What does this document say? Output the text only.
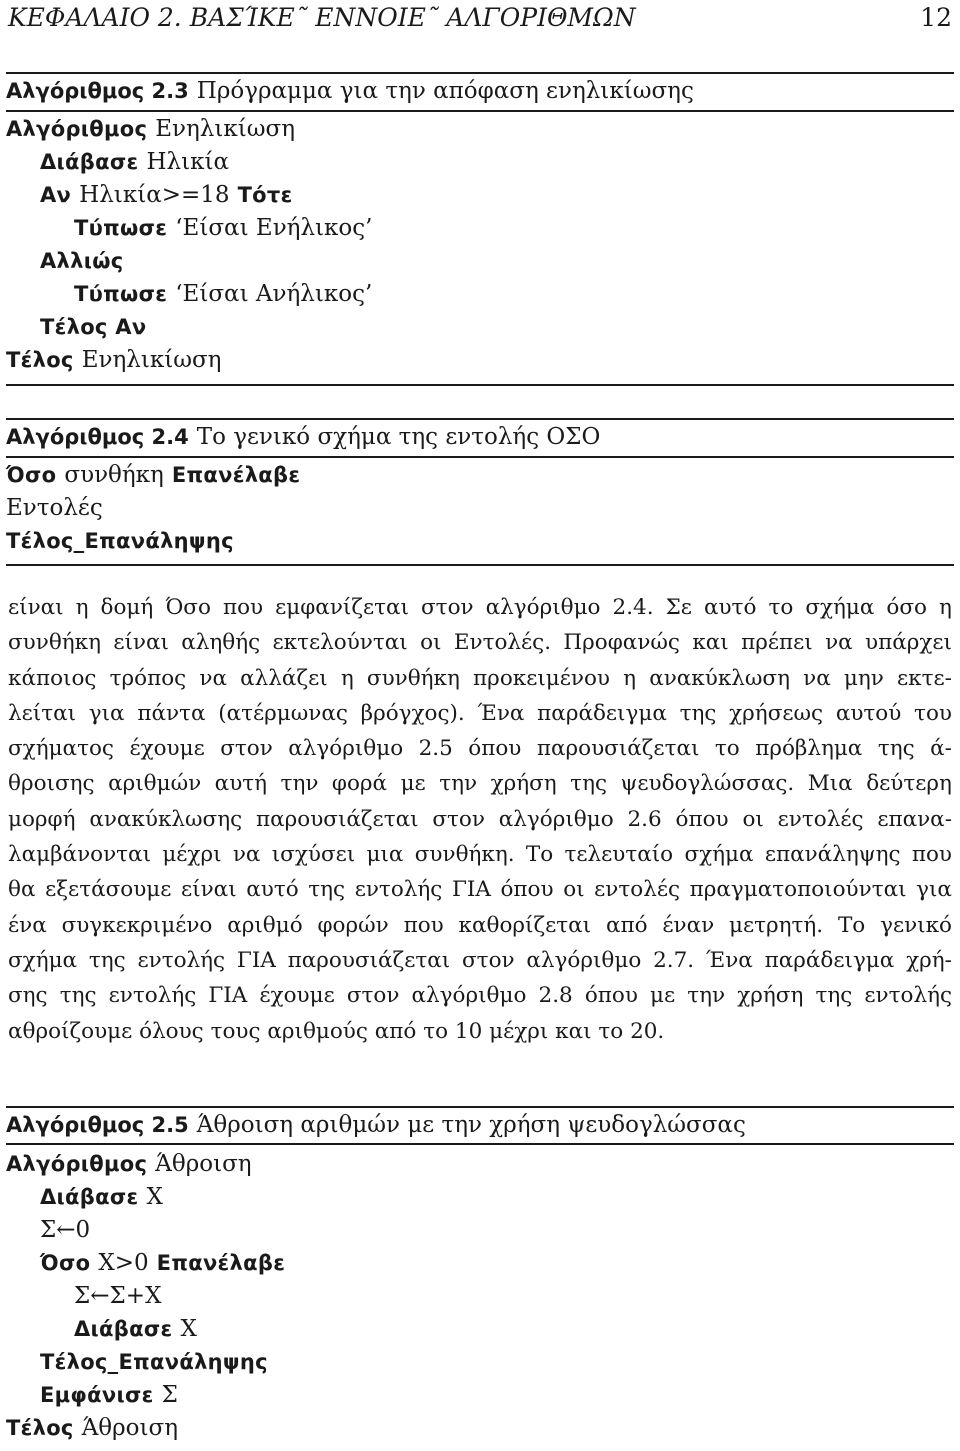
ΚΕΦΑΛΑΙΟ 2. ΒΑΣΊΚΕ˜ ΕΝΝΟΙΕ˜ ΑΛΓΟΡΙΘΜΩΝ	12
Αλγόριθμος 2.3 Πρόγραμμα για την απόφαση ενηλικίωσης
Αλγόριθμος Ενηλικίωση
Διάβασε Ηλικία
Αν Ηλικία>=18 Τότε
Τύπωσε ‘Είσαι Ενήλικος’
Αλλιώς
Τύπωσε ‘Είσαι Ανήλικος’
Τέλος Αν
Τέλος Ενηλικίωση
Αλγόριθμος 2.4 Το γενικό σχήμα της εντολής ΟΣΟ
Όσο συνθήκη Επανέλαβε
Εντολές
Τέλος_Επανάληψης
είναι η δομή Όσο που εμφανίζεται στον αλγόριθμο 2.4. Σε αυτό το σχήμα όσο η
συνθήκη είναι αληθής εκτελούνται οι Εντολές. Προφανώς και πρέπει να υπάρχει
κάποιος τρόπος να αλλάζει η συνθήκη προκειμένου η ανακύκλωση να μην εκτε-
λείται για πάντα (ατέρμωνας βρόγχος). Ένα παράδειγμα της χρήσεως αυτού του
σχήματος έχουμε στον αλγόριθμο 2.5 όπου παρουσιάζεται το πρόβλημα της ά-
θροισης αριθμών αυτή την φορά με την χρήση της ψευδογλώσσας. Μια δεύτερη
μορφή ανακύκλωσης παρουσιάζεται στον αλγόριθμο 2.6 όπου οι εντολές επανα-
λαμβάνονται μέχρι να ισχύσει μια συνθήκη. Το τελευταίο σχήμα επανάληψης που
θα εξετάσουμε είναι αυτό της εντολής ΓΙΑ όπου οι εντολές πραγματοποιούνται για
ένα συγκεκριμένο αριθμό φορών που καθορίζεται από έναν μετρητή. Το γενικό
σχήμα της εντολής ΓΙΑ παρουσιάζεται στον αλγόριθμο 2.7. Ένα παράδειγμα χρή-
σης της εντολής ΓΙΑ έχουμε στον αλγόριθμο 2.8 όπου με την χρήση της εντολής
αθροίζουμε όλους τους αριθμούς από το 10 μέχρι και το 20.
Αλγόριθμος 2.5 Άθροιση αριθμών με την χρήση ψευδογλώσσας
Αλγόριθμος Άθροιση
Διάβασε X
Σ←0
Όσο X>0 Επανέλαβε
Σ←Σ+X
Διάβασε X
Τέλος_Επανάληψης
Εμφάνισε Σ
Τέλος Άθροιση
